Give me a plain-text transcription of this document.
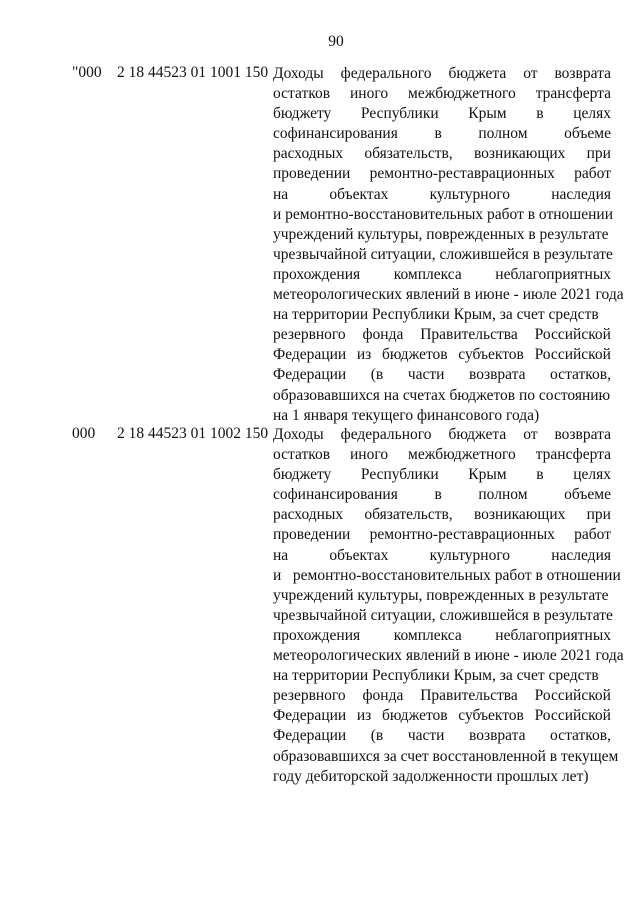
90
"000 2 18 44523 01 1001 150 Доходы федерального бюджета от возврата
остатков иного межбюджетного трансферта
бюджету Республики Крым в целях
софинансирования в полном объеме
расходных обязательств, возникающих при
проведении ремонтно-реставрационных работ
на	объектах	культурного	наследия
и ремонтно-восстановительных работ в отношении
учреждений культуры, поврежденных в результате
чрезвычайной ситуации, сложившейся в результате
прохождения комплекса неблагоприятных
метеорологических явлений в июне - июле 2021 года
на территории Республики Крым, за счет средств
резервного фонда Правительства Российской
Федерации из бюджетов субъектов Российской
Федерации (в части возврата остатков,
образовавшихся на счетах бюджетов по состоянию
на 1 января текущего финансового года)
000 2 18 44523 01 1002 150 Доходы федерального бюджета от возврата
остатков иного межбюджетного трансферта
бюджету Республики Крым в целях
софинансирования в полном объеме
расходных обязательств, возникающих при
проведении ремонтно-реставрационных работ
на	объектах	культурного	наследия
и   ремонтно-восстановительных работ в отношении
учреждений культуры, поврежденных в результате
чрезвычайной ситуации, сложившейся в результате
прохождения комплекса неблагоприятных
метеорологических явлений в июне - июле 2021 года
на территории Республики Крым, за счет средств
резервного фонда Правительства Российской
Федерации из бюджетов субъектов Российской
Федерации (в части возврата остатков,
образовавшихся за счет восстановленной в текущем
году дебиторской задолженности прошлых лет)
